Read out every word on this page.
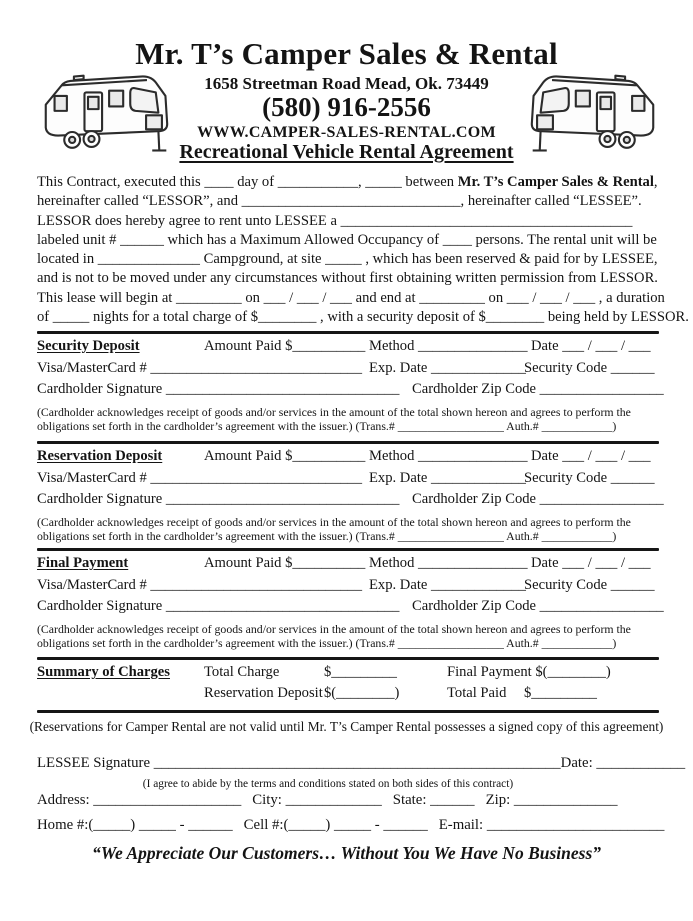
Mr. T’s Camper Sales & Rental
1658 Streetman Road Mead, Ok. 73449
(580) 916-2556
WWW.CAMPER-SALES-RENTAL.COM
Recreational Vehicle Rental Agreement
This Contract, executed this ____ day of ___________, _____ between Mr. T’s Camper Sales & Rental,
hereinafter called “LESSOR”, and ______________________________, hereinafter called “LESSEE”.
LESSOR does hereby agree to rent unto LESSEE a ________________________________________
labeled unit # ______ which has a Maximum Allowed Occupancy of ____ persons. The rental unit will be
located in ______________ Campground, at site _____ , which has been reserved & paid for by LESSEE,
and is not to be moved under any circumstances without first obtaining written permission from LESSOR.
This lease will begin at _________ on ___ / ___ / ___ and end at _________ on ___ / ___ / ___ , a duration
of _____ nights for a total charge of $________ , with a security deposit of $________ being held by LESSOR.
Security Deposit	Amount Paid $__________ Method _______________ Date ___ / ___ / ___
Visa/MasterCard # _____________________________ Exp. Date _____________
Security Code ______
Cardholder Signature ________________________________ Cardholder Zip Code _________________
(Cardholder acknowledges receipt of goods and/or services in the amount of the total shown hereon and agrees to perform the
obligations set forth in the cardholder’s agreement with the issuer.) (Trans.# __________________ Auth.# ____________)
Reservation Deposit	Amount Paid $__________ Method _______________ Date ___ / ___ / ___
Visa/MasterCard # _____________________________ Exp. Date _____________
Security Code ______
Cardholder Signature ________________________________ Cardholder Zip Code _________________
(Cardholder acknowledges receipt of goods and/or services in the amount of the total shown hereon and agrees to perform the
obligations set forth in the cardholder’s agreement with the issuer.) (Trans.# __________________ Auth.# ____________)
Final Payment	Amount Paid $__________ Method _______________ Date ___ / ___ / ___
Visa/MasterCard # _____________________________ Exp. Date _____________
Security Code ______
Cardholder Signature ________________________________ Cardholder Zip Code _________________
(Cardholder acknowledges receipt of goods and/or services in the amount of the total shown hereon and agrees to perform the
obligations set forth in the cardholder’s agreement with the issuer.) (Trans.# __________________ Auth.# ____________)
Summary of Charges Total Charge	$_________	Final Payment $(________)
Reservation Deposit $(________)	Total Paid $_________
(Reservations for Camper Rental are not valid until Mr. T’s Camper Rental possesses a signed copy of this agreement)
LESSEE Signature _______________________________________________________ Date: ____________
(I agree to abide by the terms and conditions stated on both sides of this contract)
Address: ____________________ City: _____________ State: ______ Zip: ______________
Home #:(_____) _____ - ______ Cell #:(_____) _____ - ______ E-mail: ________________________
“We Appreciate Our Customers… Without You We Have No Business”
